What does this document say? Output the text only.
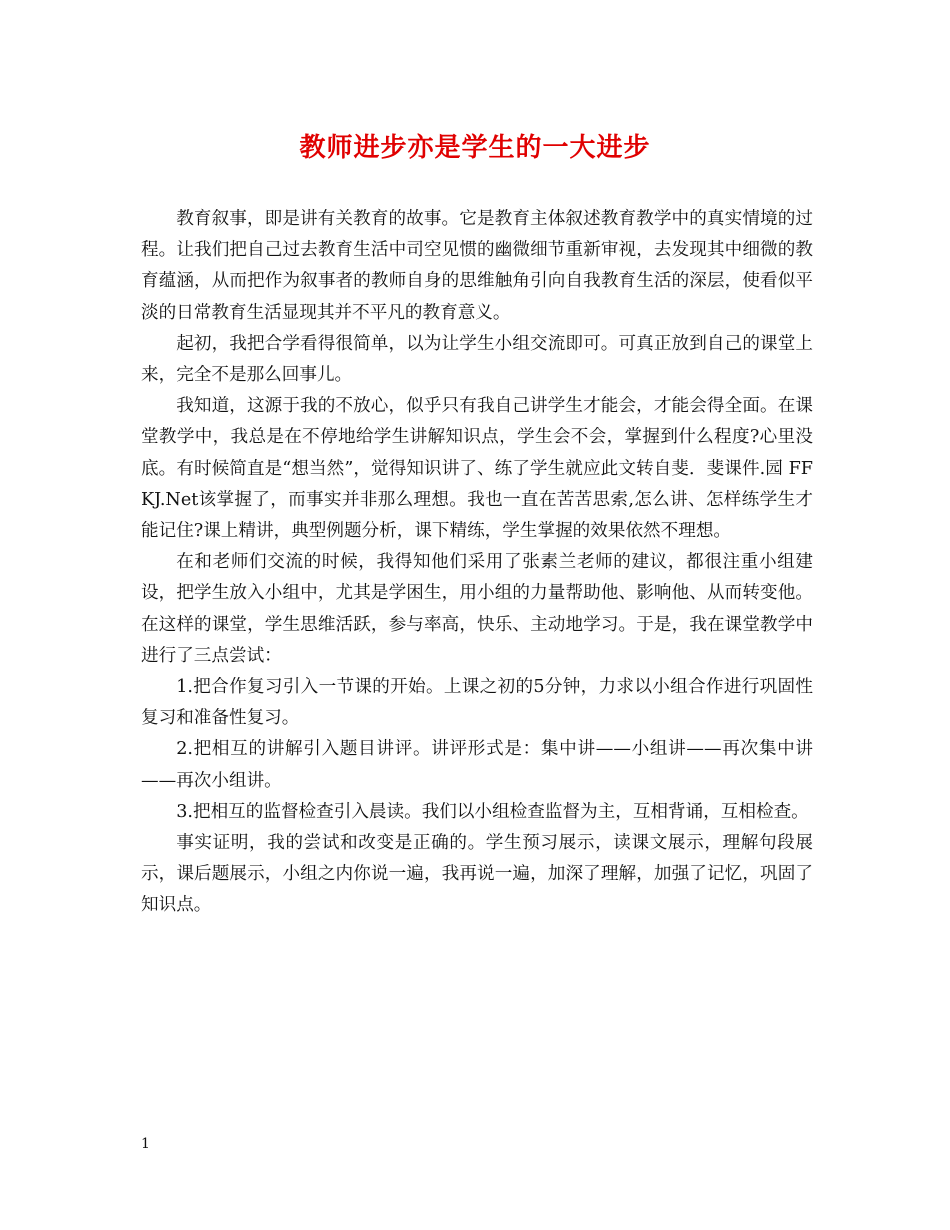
教师进步亦是学生的一大进步

教育叙事，即是讲有关教育的故事。它是教育主体叙述教育教学中的真实情境的过程。让我们把自己过去教育生活中司空见惯的幽微细节重新审视，去发现其中细微的教育蕴涵，从而把作为叙事者的教师自身的思维触角引向自我教育生活的深层，使看似平淡的日常教育生活显现其并不平凡的教育意义。

起初，我把合学看得很简单，以为让学生小组交流即可。可真正放到自己的课堂上来，完全不是那么回事儿。

我知道，这源于我的不放心，似乎只有我自己讲学生才能会，才能会得全面。在课堂教学中，我总是在不停地给学生讲解知识点，学生会不会，掌握到什么程度?心里没底。有时候简直是“想当然”，觉得知识讲了、练了学生就应此文转自斐．斐课件.园 FFKJ.Net该掌握了，而事实并非那么理想。我也一直在苦苦思索,怎么讲、怎样练学生才能记住?课上精讲，典型例题分析，课下精练，学生掌握的效果依然不理想。

在和老师们交流的时候，我得知他们采用了张素兰老师的建议，都很注重小组建设，把学生放入小组中，尤其是学困生，用小组的力量帮助他、影响他、从而转变他。在这样的课堂，学生思维活跃，参与率高，快乐、主动地学习。于是，我在课堂教学中进行了三点尝试：

1.把合作复习引入一节课的开始。上课之初的5分钟，力求以小组合作进行巩固性复习和准备性复习。

2.把相互的讲解引入题目讲评。讲评形式是：集中讲——小组讲——再次集中讲——再次小组讲。

3.把相互的监督检查引入晨读。我们以小组检查监督为主，互相背诵，互相检查。

事实证明，我的尝试和改变是正确的。学生预习展示，读课文展示，理解句段展示，课后题展示，小组之内你说一遍，我再说一遍，加深了理解，加强了记忆，巩固了知识点。

1
